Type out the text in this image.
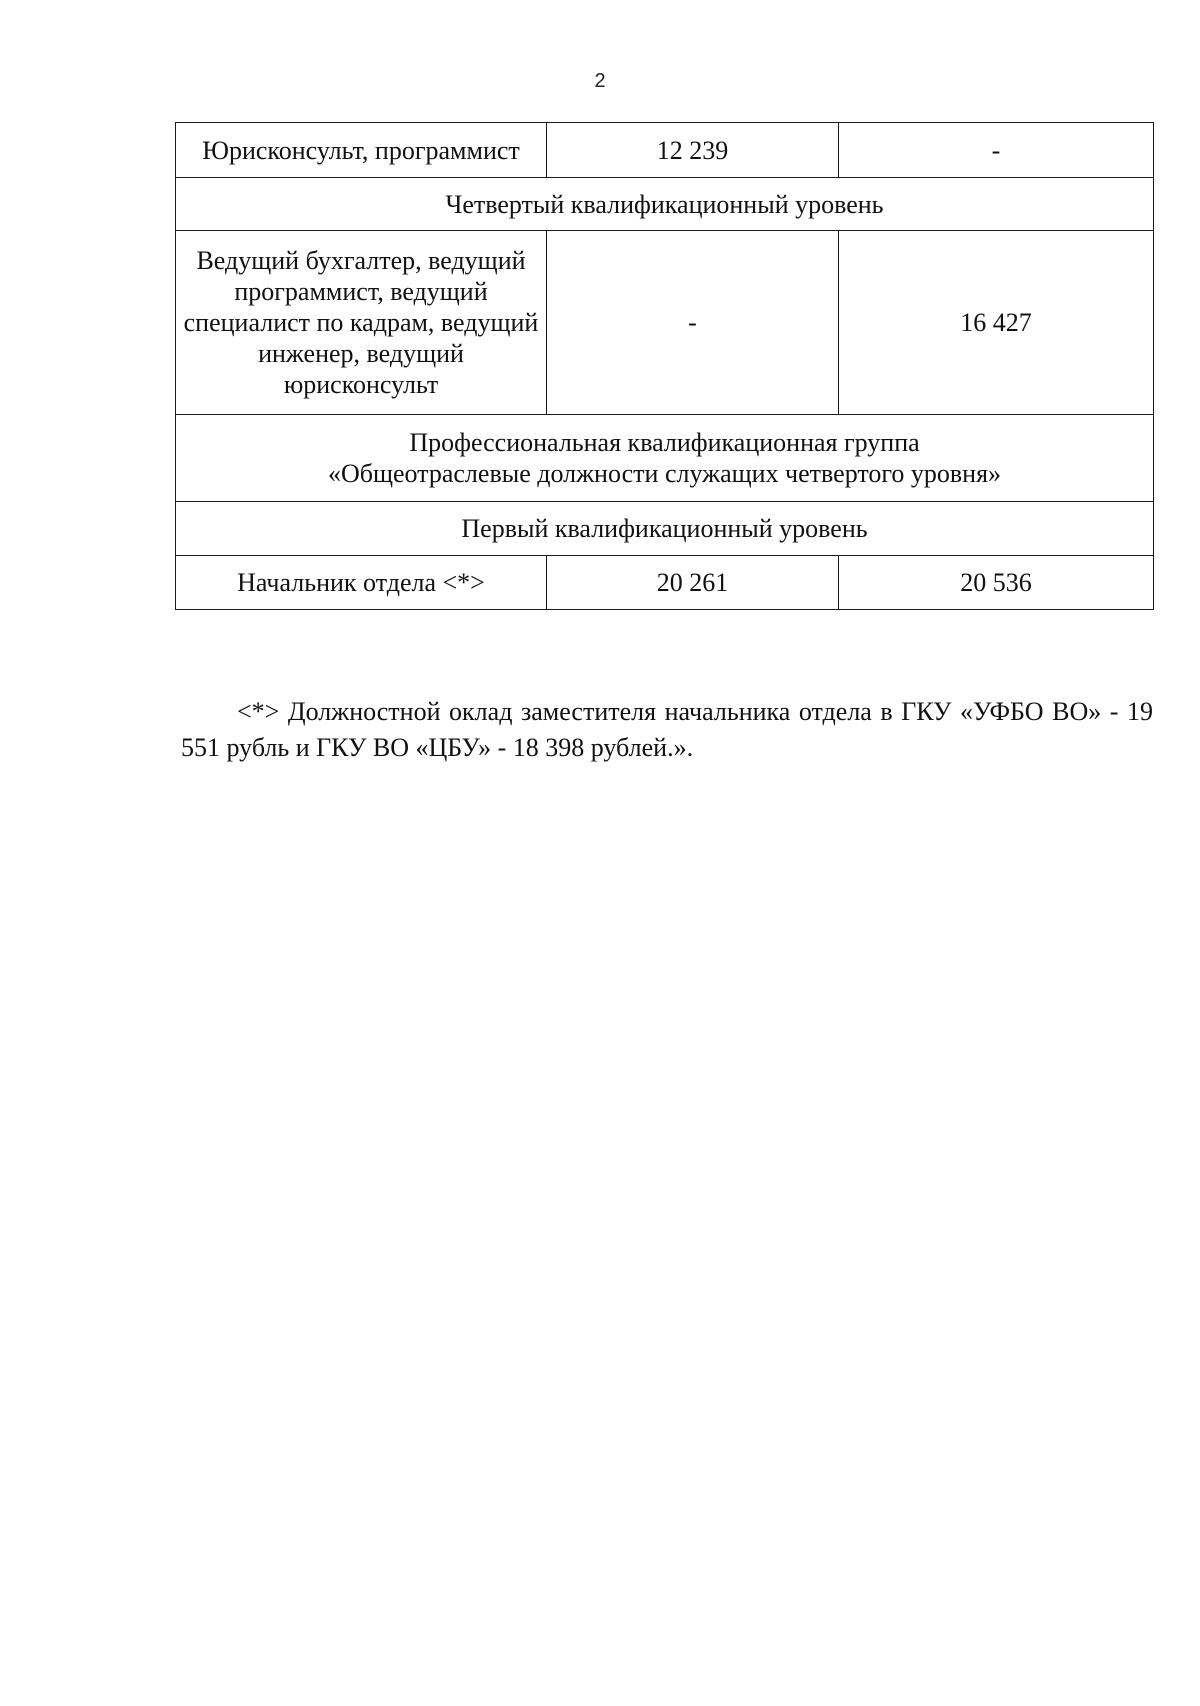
2
Юрисконсульт, программист	12 239	-
Четвертый квалификационный уровень		
Ведущий бухгалтер, ведущий программист, ведущий специалист по кадрам, ведущий инженер, ведущий юрисконсульт	-	16 427

Профессиональная квалификационная группа
«Общеотраслевые должности служащих четвертого уровня»		

Первый квалификационный уровень		
Начальник отдела <*>	20 261	20 536

<*> Должностной оклад заместителя начальника отдела в ГКУ «УФБО ВО» - 19 551 рубль и ГКУ ВО «ЦБУ» - 18 398 рублей.».
